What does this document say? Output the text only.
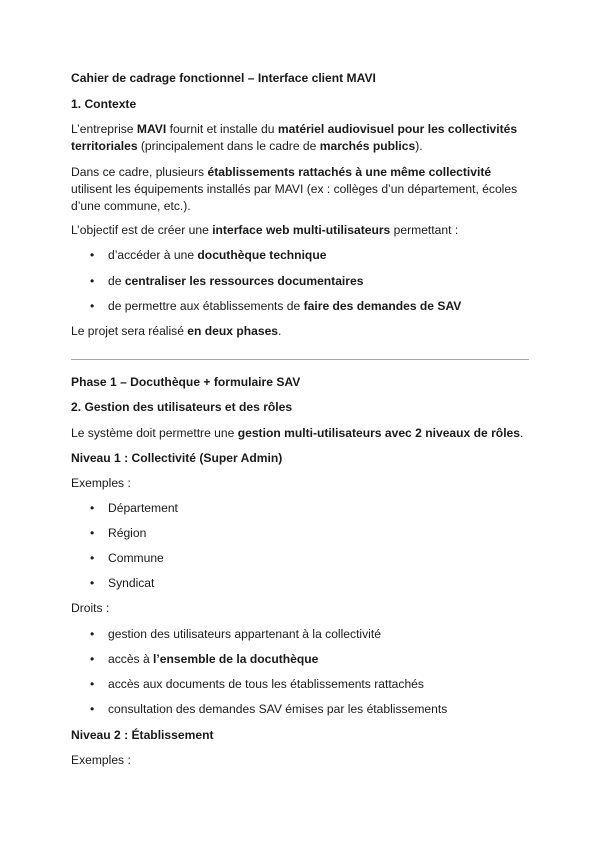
Cahier de cadrage fonctionnel – Interface client MAVI

1. Contexte

L’entreprise MAVI fournit et installe du matériel audiovisuel pour les collectivités territoriales (principalement dans le cadre de marchés publics).

Dans ce cadre, plusieurs établissements rattachés à une même collectivité utilisent les équipements installés par MAVI (ex : collèges d’un département, écoles d’une commune, etc.).

L’objectif est de créer une interface web multi-utilisateurs permettant :

• d’accéder à une docuthèque technique
• de centraliser les ressources documentaires
• de permettre aux établissements de faire des demandes de SAV

Le projet sera réalisé en deux phases.

Phase 1 – Docuthèque + formulaire SAV

2. Gestion des utilisateurs et des rôles

Le système doit permettre une gestion multi-utilisateurs avec 2 niveaux de rôles.

Niveau 1 : Collectivité (Super Admin)

Exemples :

• Département
• Région
• Commune
• Syndicat

Droits :

• gestion des utilisateurs appartenant à la collectivité
• accès à l’ensemble de la docuthèque
• accès aux documents de tous les établissements rattachés
• consultation des demandes SAV émises par les établissements

Niveau 2 : Établissement

Exemples :
